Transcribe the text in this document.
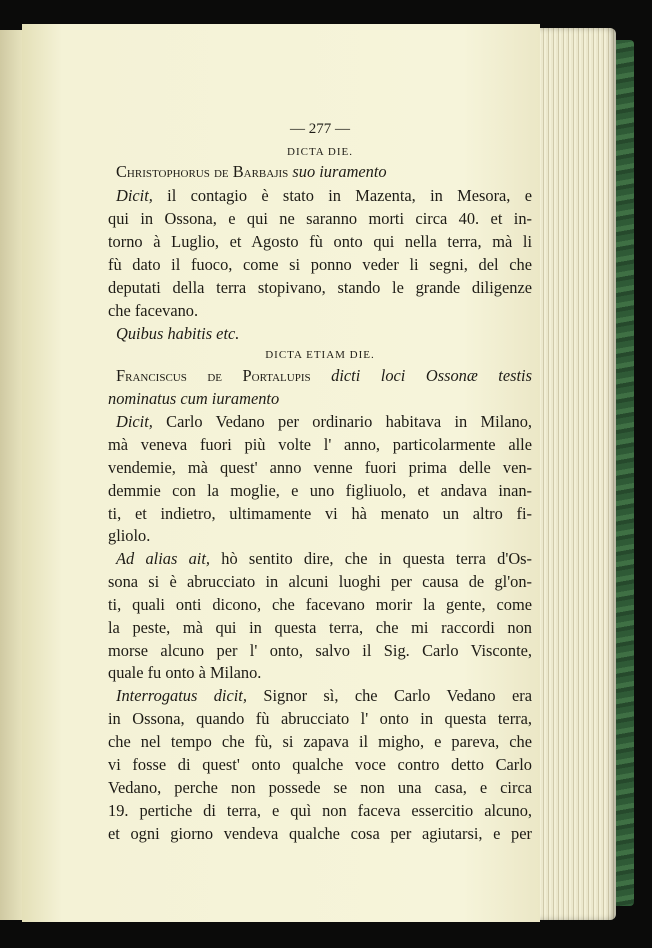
— 277 —
DICTA DIE.
Christophorus de Barbajis suo iuramento
Dicit, il contagio è stato in Mazenta, in Mesora, e
qui in Ossona, e qui ne saranno morti circa 40. et in-
torno à Luglio, et Agosto fù onto qui nella terra, mà li
fù dato il fuoco, come si ponno veder li segni, del che
deputati della terra stopivano, stando le grande diligenze
che facevano.
Quibus habitis etc.
DICTA ETIAM DIE.
Franciscus de Portalupis dicti loci Ossonæ testis
nominatus cum iuramento
Dicit, Carlo Vedano per ordinario habitava in Milano,
mà veneva fuori più volte l' anno, particolarmente alle
vendemie, mà quest' anno venne fuori prima delle ven-
demmie con la moglie, e uno figliuolo, et andava inan-
ti, et indietro, ultimamente vi hà menato un altro fi-
gliolo.
Ad alias ait, hò sentito dire, che in questa terra d'Os-
sona si è abrucciato in alcuni luoghi per causa de gl'on-
ti, quali onti dicono, che facevano morir la gente, come
la peste, mà qui in questa terra, che mi raccordi non
morse alcuno per l' onto, salvo il Sig. Carlo Visconte,
quale fu onto à Milano.
Interrogatus dicit, Signor sì, che Carlo Vedano era
in Ossona, quando fù abrucciato l' onto in questa terra,
che nel tempo che fù, si zapava il migho, e pareva, che
vi fosse di quest' onto qualche voce contro detto Carlo
Vedano, perche non possede se non una casa, e circa
19. pertiche di terra, e quì non faceva essercitio alcuno,
et ogni giorno vendeva qualche cosa per agiutarsi, e per
